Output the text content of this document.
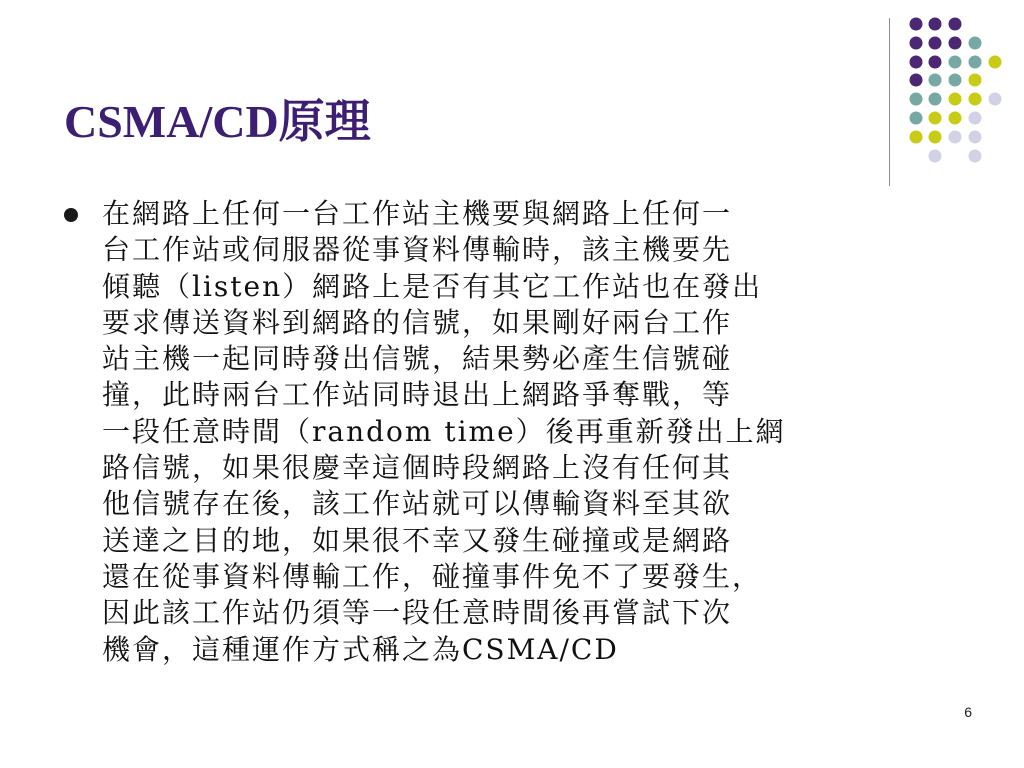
CSMA/CD原理
在網路上任何一台工作站主機要與網路上任何一
台工作站或伺服器從事資料傳輸時，該主機要先
傾聽（listen）網路上是否有其它工作站也在發出
要求傳送資料到網路的信號，如果剛好兩台工作
站主機一起同時發出信號，結果勢必產生信號碰
撞，此時兩台工作站同時退出上網路爭奪戰，等
一段任意時間（random time）後再重新發出上網
路信號，如果很慶幸這個時段網路上沒有任何其
他信號存在後，該工作站就可以傳輸資料至其欲
送達之目的地，如果很不幸又發生碰撞或是網路
還在從事資料傳輸工作，碰撞事件免不了要發生，
因此該工作站仍須等一段任意時間後再嘗試下次
機會，這種運作方式稱之為CSMA/CD
6
